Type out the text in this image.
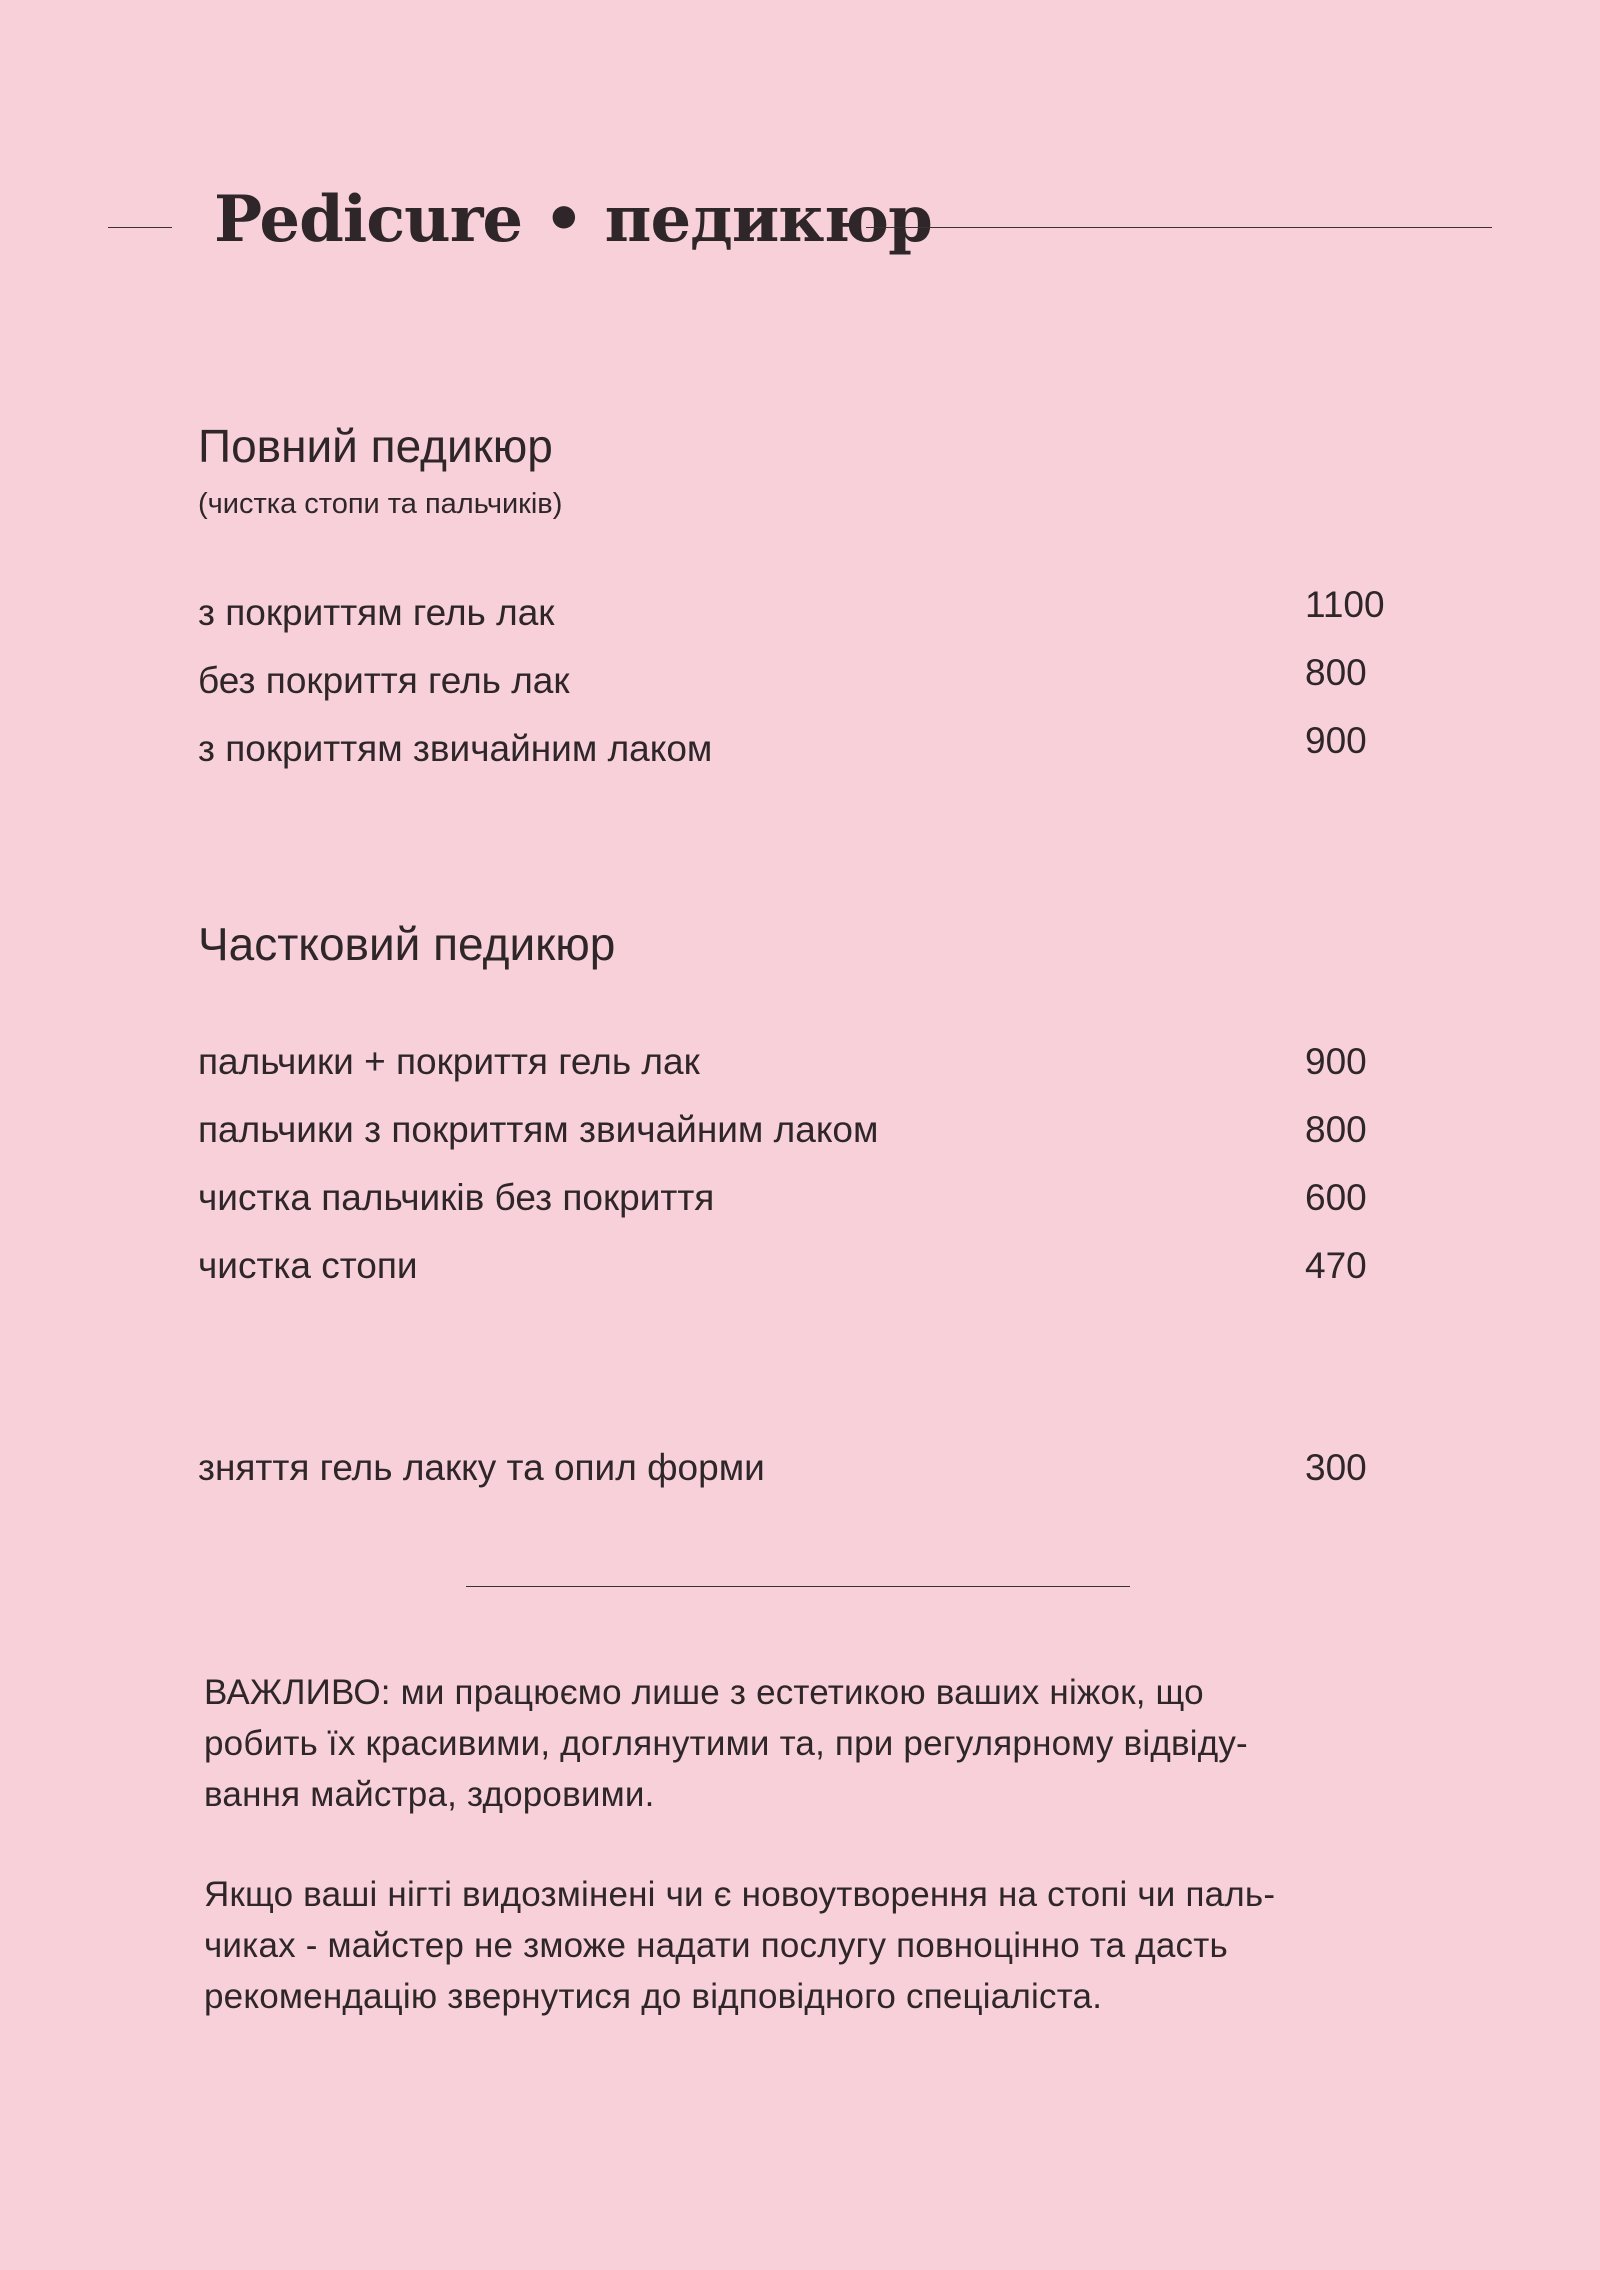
Pedicure • педикюр
Повний педикюр
(чистка стопи та пальчиків)
з покриттям гель лак	1100
без покриття гель лак	800
з покриттям звичайним лаком	900
Частковий педикюр
пальчики + покриття гель лак	900
пальчики з покриттям звичайним лаком	800
чистка пальчиків без покриття	600
чистка стопи	470
зняття гель лакку та опил форми	300

ВАЖЛИВО: ми працюємо лише з естетикою ваших ніжок, що
робить їх красивими, доглянутими та, при регулярному відвіду-
вання майстра, здоровими.

Якщо ваші нігті видозмінені чи є новоутворення на стопі чи паль-
чиках - майстер не зможе надати послугу повноцінно та дасть
рекомендацію звернутися до відповідного спеціаліста.
